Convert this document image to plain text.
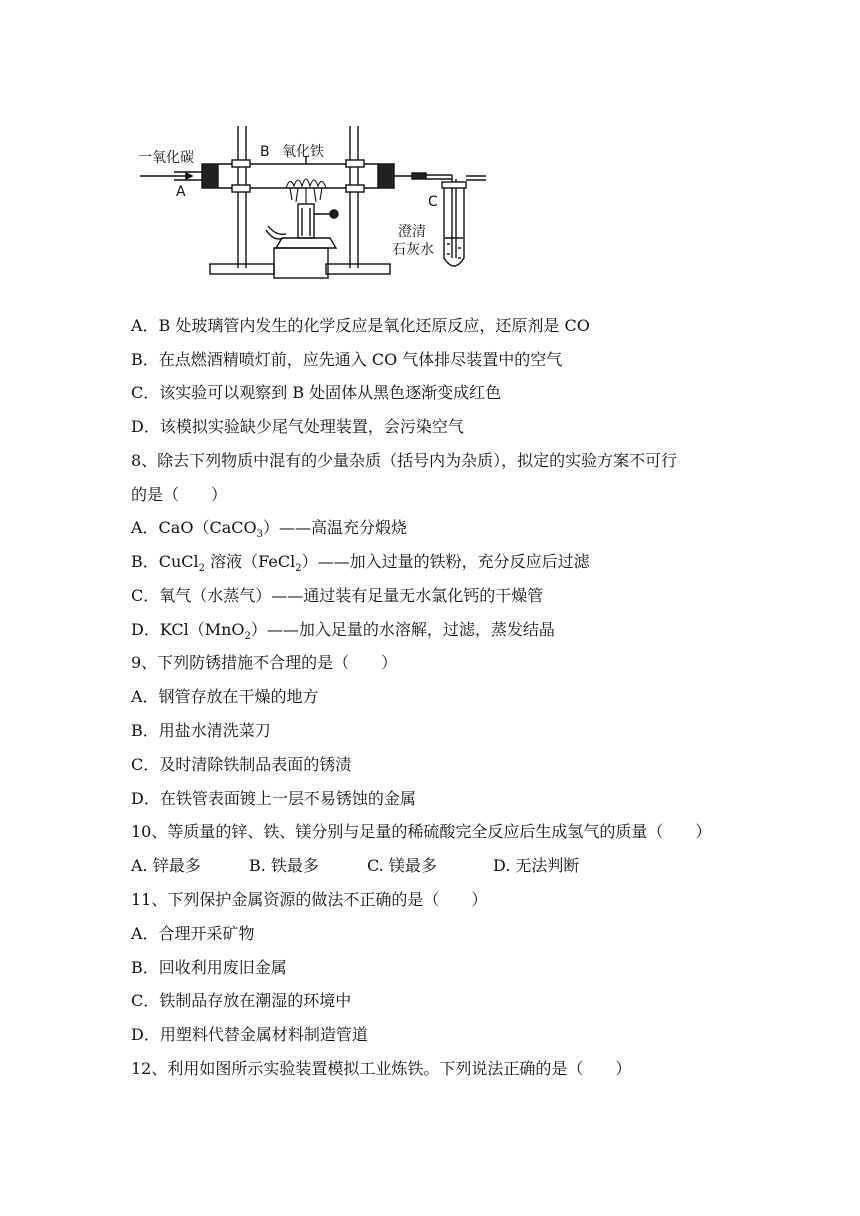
一氧化碳
A
B 氧化铁
C
澄清
石灰水
A．B 处玻璃管内发生的化学反应是氧化还原反应，还原剂是 CO
B．在点燃酒精喷灯前，应先通入 CO 气体排尽装置中的空气
C．该实验可以观察到 B 处固体从黑色逐渐变成红色
D．该模拟实验缺少尾气处理装置，会污染空气
8、除去下列物质中混有的少量杂质（括号内为杂质），拟定的实验方案不可行
的是（　　）
A．CaO（CaCO$_3$）——高温充分煅烧
B．CuCl$_2$ 溶液（FeCl$_2$）——加入过量的铁粉，充分反应后过滤
C．氧气（水蒸气）——通过装有足量无水氯化钙的干燥管
D．KCl（MnO$_2$）——加入足量的水溶解，过滤，蒸发结晶
9、下列防锈措施不合理的是（　　）
A．钢管存放在干燥的地方
B．用盐水清洗菜刀
C．及时清除铁制品表面的锈渍
D．在铁管表面镀上一层不易锈蚀的金属
10、等质量的锌、铁、镁分别与足量的稀硫酸完全反应后生成氢气的质量（　　）
A. 锌最多	B. 铁最多	C. 镁最多	D. 无法判断
11、下列保护金属资源的做法不正确的是（　　）
A．合理开采矿物
B．回收利用废旧金属
C．铁制品存放在潮湿的环境中
D．用塑料代替金属材料制造管道
12、利用如图所示实验装置模拟工业炼铁。下列说法正确的是（　　）
